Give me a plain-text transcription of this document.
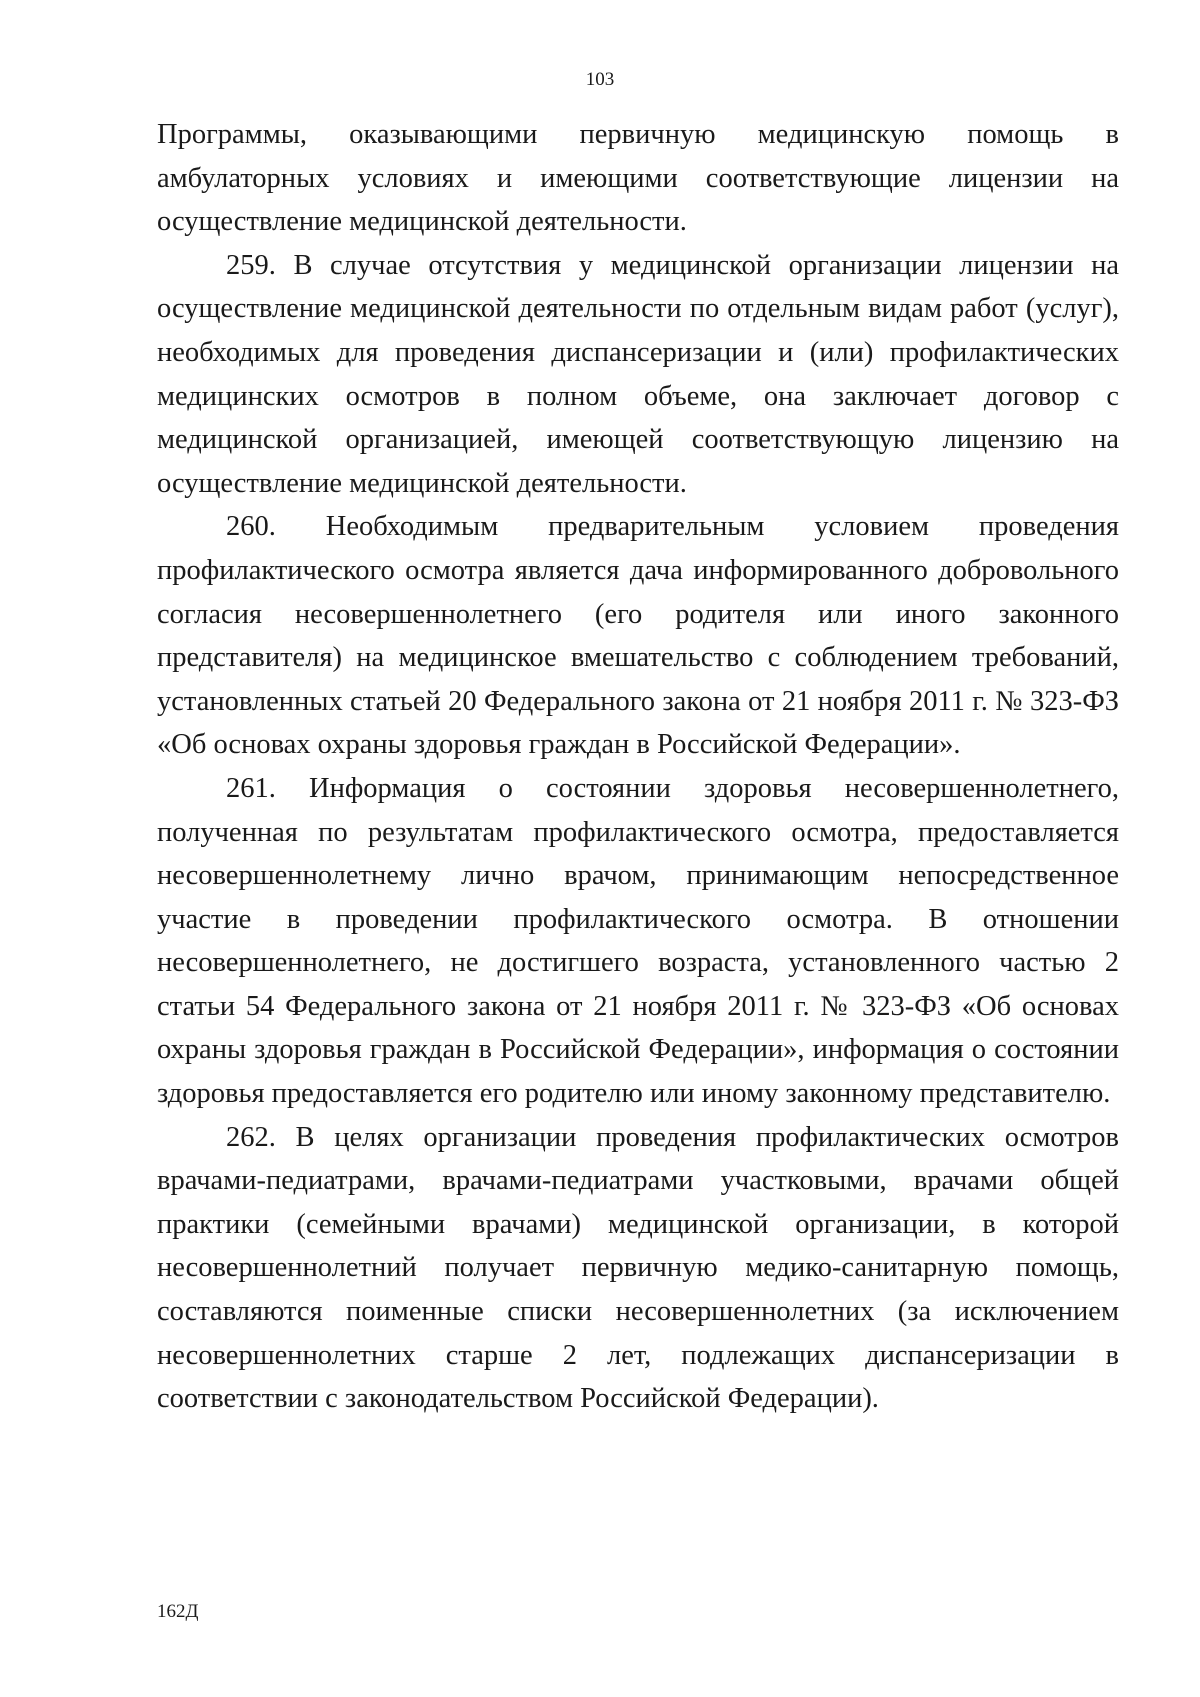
103

Программы, оказывающими первичную медицинскую помощь в амбулаторных условиях и имеющими соответствующие лицензии на осуществление медицинской деятельности.

259. В случае отсутствия у медицинской организации лицензии на осуществление медицинской деятельности по отдельным видам работ (услуг), необходимых для проведения диспансеризации и (или) профилактических медицинских осмотров в полном объеме, она заключает договор с медицинской организацией, имеющей соответствующую лицензию на осуществление медицинской деятельности.

260. Необходимым предварительным условием проведения профилактического осмотра является дача информированного добровольного согласия несовершеннолетнего (его родителя или иного законного представителя) на медицинское вмешательство с соблюдением требований, установленных статьей 20 Федерального закона от 21 ноября 2011 г. № 323-ФЗ «Об основах охраны здоровья граждан в Российской Федерации».

261. Информация о состоянии здоровья несовершеннолетнего, полученная по результатам профилактического осмотра, предоставляется несовершеннолетнему лично врачом, принимающим непосредственное участие в проведении профилактического осмотра. В отношении несовершеннолетнего, не достигшего возраста, установленного частью 2 статьи 54 Федерального закона от 21 ноября 2011 г. № 323-ФЗ «Об основах охраны здоровья граждан в Российской Федерации», информация о состоянии здоровья предоставляется его родителю или иному законному представителю.

262. В целях организации проведения профилактических осмотров врачами-педиатрами, врачами-педиатрами участковыми, врачами общей практики (семейными врачами) медицинской организации, в которой несовершеннолетний получает первичную медико-санитарную помощь, составляются поименные списки несовершеннолетних (за исключением несовершеннолетних старше 2 лет, подлежащих диспансеризации в соответствии с законодательством Российской Федерации).

162Д
